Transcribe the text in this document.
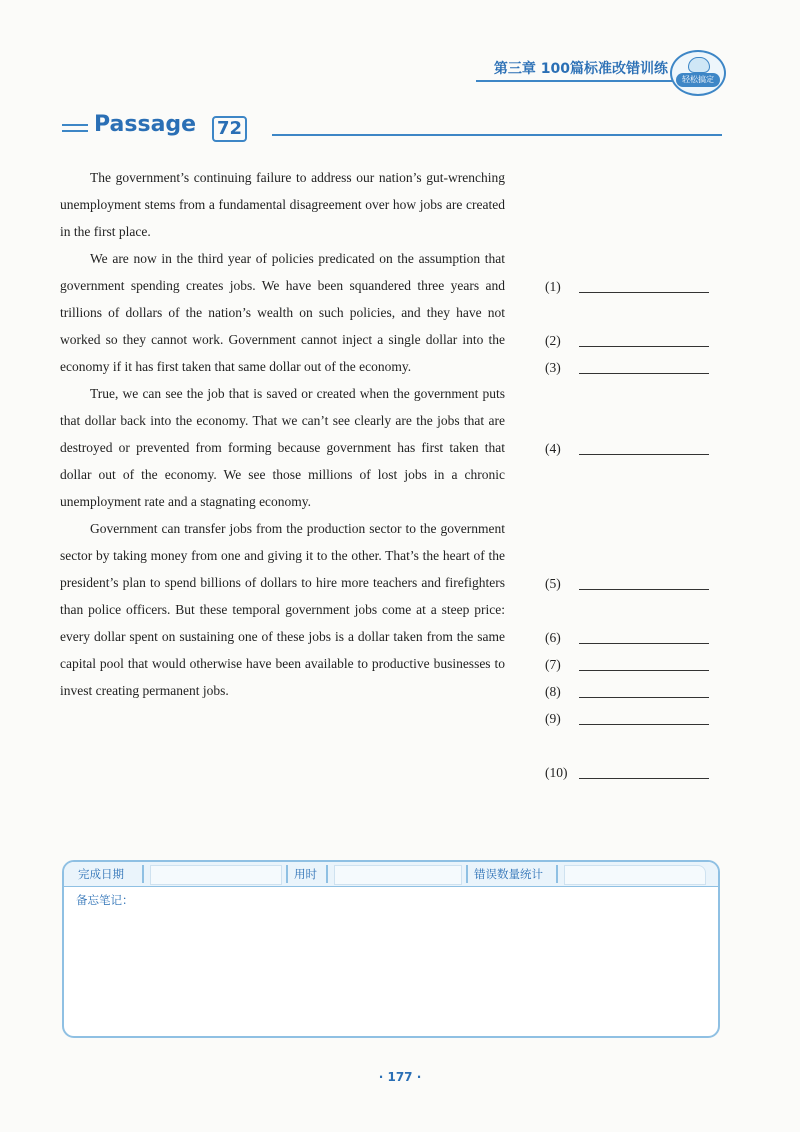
第三章 100篇标准改错训练
轻松搞定
Passage 72

The government’s continuing failure to address our nation’s gut-wrenching unemployment stems from a fundamental disagreement over how jobs are created in the first place.

We are now in the third year of policies predicated on the assumption that government spending creates jobs. We have been squandered three years and trillions of dollars of the nation’s wealth on such policies, and they have not worked so they cannot work. Government cannot inject a single dollar into the economy if it has first taken that same dollar out of the economy.

True, we can see the job that is saved or created when the government puts that dollar back into the economy. That we can’t see clearly are the jobs that are destroyed or prevented from forming because government has first taken that dollar out of the economy. We see those millions of lost jobs in a chronic unemployment rate and a stagnating economy.

Government can transfer jobs from the production sector to the government sector by taking money from one and giving it to the other. That’s the heart of the president’s plan to spend billions of dollars to hire more teachers and firefighters than police officers. But these temporal government jobs come at a steep price: every dollar spent on sustaining one of these jobs is a dollar taken from the same capital pool that would otherwise have been available to productive businesses to invest creating permanent jobs.

(1)
(2)
(3)
(4)
(5)
(6)
(7)
(8)
(9)
(10)
完成日期	用时	错误数量统计
备忘笔记：
· 177 ·
